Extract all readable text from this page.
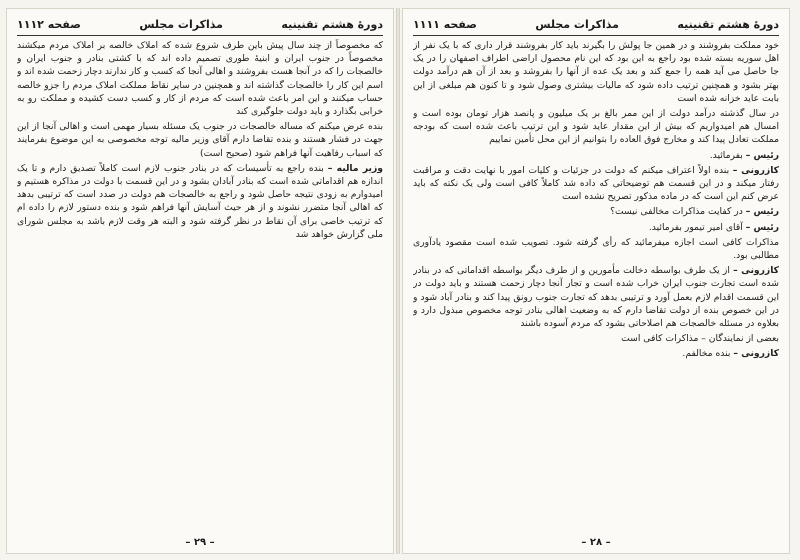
دورهٔ هشتم تقنینیه
مذاکرات مجلس
صفحه ۱۱۱۲

که مخصوصاً از چند سال پیش باین طرف شروع شده که املاک خالصه بر املاک مردم میکشند مخصوصاً در جنوب ایران و ابنیهٔ طوری تصمیم داده اند که با کشتی بنادر و جنوب ایران و خالصجات را که در آنجا هست بفروشند و اهالی آنجا که کسب و کار ندارند دچار زحمت شده اند و اسم این کار را خالصجات گذاشته اند و همچنین در سایر نقاط مملکت املاک مردم را جزو خالصه حساب میکنند و این امر باعث شده است که مردم از کار و کسب دست کشیده و مملکت رو به خرابی بگذارد و باید دولت جلوگیری کند

بنده عرض میکنم که مساله خالصجات در جنوب یک مسئله بسیار مهمی است و اهالی آنجا از این جهت در فشار هستند و بنده تقاضا دارم آقای وزیر مالیه توجه مخصوصی به این موضوع بفرمایند که اسباب رفاهیت آنها فراهم شود (صحیح است)

وزیر مالیه – بنده راجع به تأسیسات که در بنادر جنوب لازم است کاملاً تصدیق دارم و تا یک اندازه هم اقداماتی شده است که بنادر آبادان بشود و در این قسمت با دولت در مذاکره هستیم و امیدوارم به زودی نتیجه حاصل شود و راجع به خالصجات هم دولت در صدد است که ترتیبی بدهد که اهالی آنجا متضرر نشوند و از هر حیث آسایش آنها فراهم شود و بنده دستور لازم را داده ام که ترتیب خاصی برای آن نقاط در نظر گرفته شود و البته هر وقت لازم باشد به مجلس شورای ملی گزارش خواهد شد

– ۲۹ –
دورهٔ هشتم تقنینیه
مذاکرات مجلس
صفحه ۱۱۱۱

خود مملکت بفروشند و در همین جا پولش را بگیرند باید کار بفروشند قرار داری که با یک نفر از اهل سوریه بسته شده بود راجع به این بود که این نام محصول اراضی اطراف اصفهان را در یک جا حاصل می آید همه را جمع کند و بعد یک عده از آنها را بفروشد و بعد از آن هم درآمد دولت بهتر بشود و همچنین ترتیب داده شود که مالیات بیشتری وصول شود و تا کنون هم مبلغی از این بابت عاید خزانه شده است

در سال گذشته درآمد دولت از این ممر بالغ بر یک میلیون و پانصد هزار تومان بوده است و امسال هم امیدواریم که بیش از این مقدار عاید شود و این ترتیب باعث شده است که بودجه مملکت تعادل پیدا کند و مخارج فوق العاده را بتوانیم از این محل تأمین نماییم

رئیس – بفرمائید.

کازرونی – بنده اولاً اعتراف میکنم که دولت در جزئیات و کلیات امور با نهایت دقت و مراقبت رفتار میکند و در این قسمت هم توضیحاتی که داده شد کاملاً کافی است ولی یک نکته که باید عرض کنم این است که در ماده مذکور تصریح نشده است

رئیس – در کفایت مذاکرات مخالفی نیست؟

رئیس – آقای امیر تیمور بفرمائید.

مذاکرات کافی است اجازه میفرمائید که رأی گرفته شود. تصویب شده است مقصود یادآوری مطالبی بود.

کازرونی – از یک طرف بواسطه دخالت مأمورین و از طرف دیگر بواسطه اقداماتی که در بنادر شده است تجارت جنوب ایران خراب شده است و تجار آنجا دچار زحمت هستند و باید دولت در این قسمت اقدام لازم بعمل آورد و ترتیبی بدهد که تجارت جنوب رونق پیدا کند و بنادر آباد شود و در این خصوص بنده از دولت تقاضا دارم که به وضعیت اهالی بنادر توجه مخصوص مبذول دارد و بعلاوه در مسئله خالصجات هم اصلاحاتی بشود که مردم آسوده باشند

بعضی از نمایندگان – مذاکرات کافی است

کازرونی – بنده مخالفم.

– ۲۸ –
